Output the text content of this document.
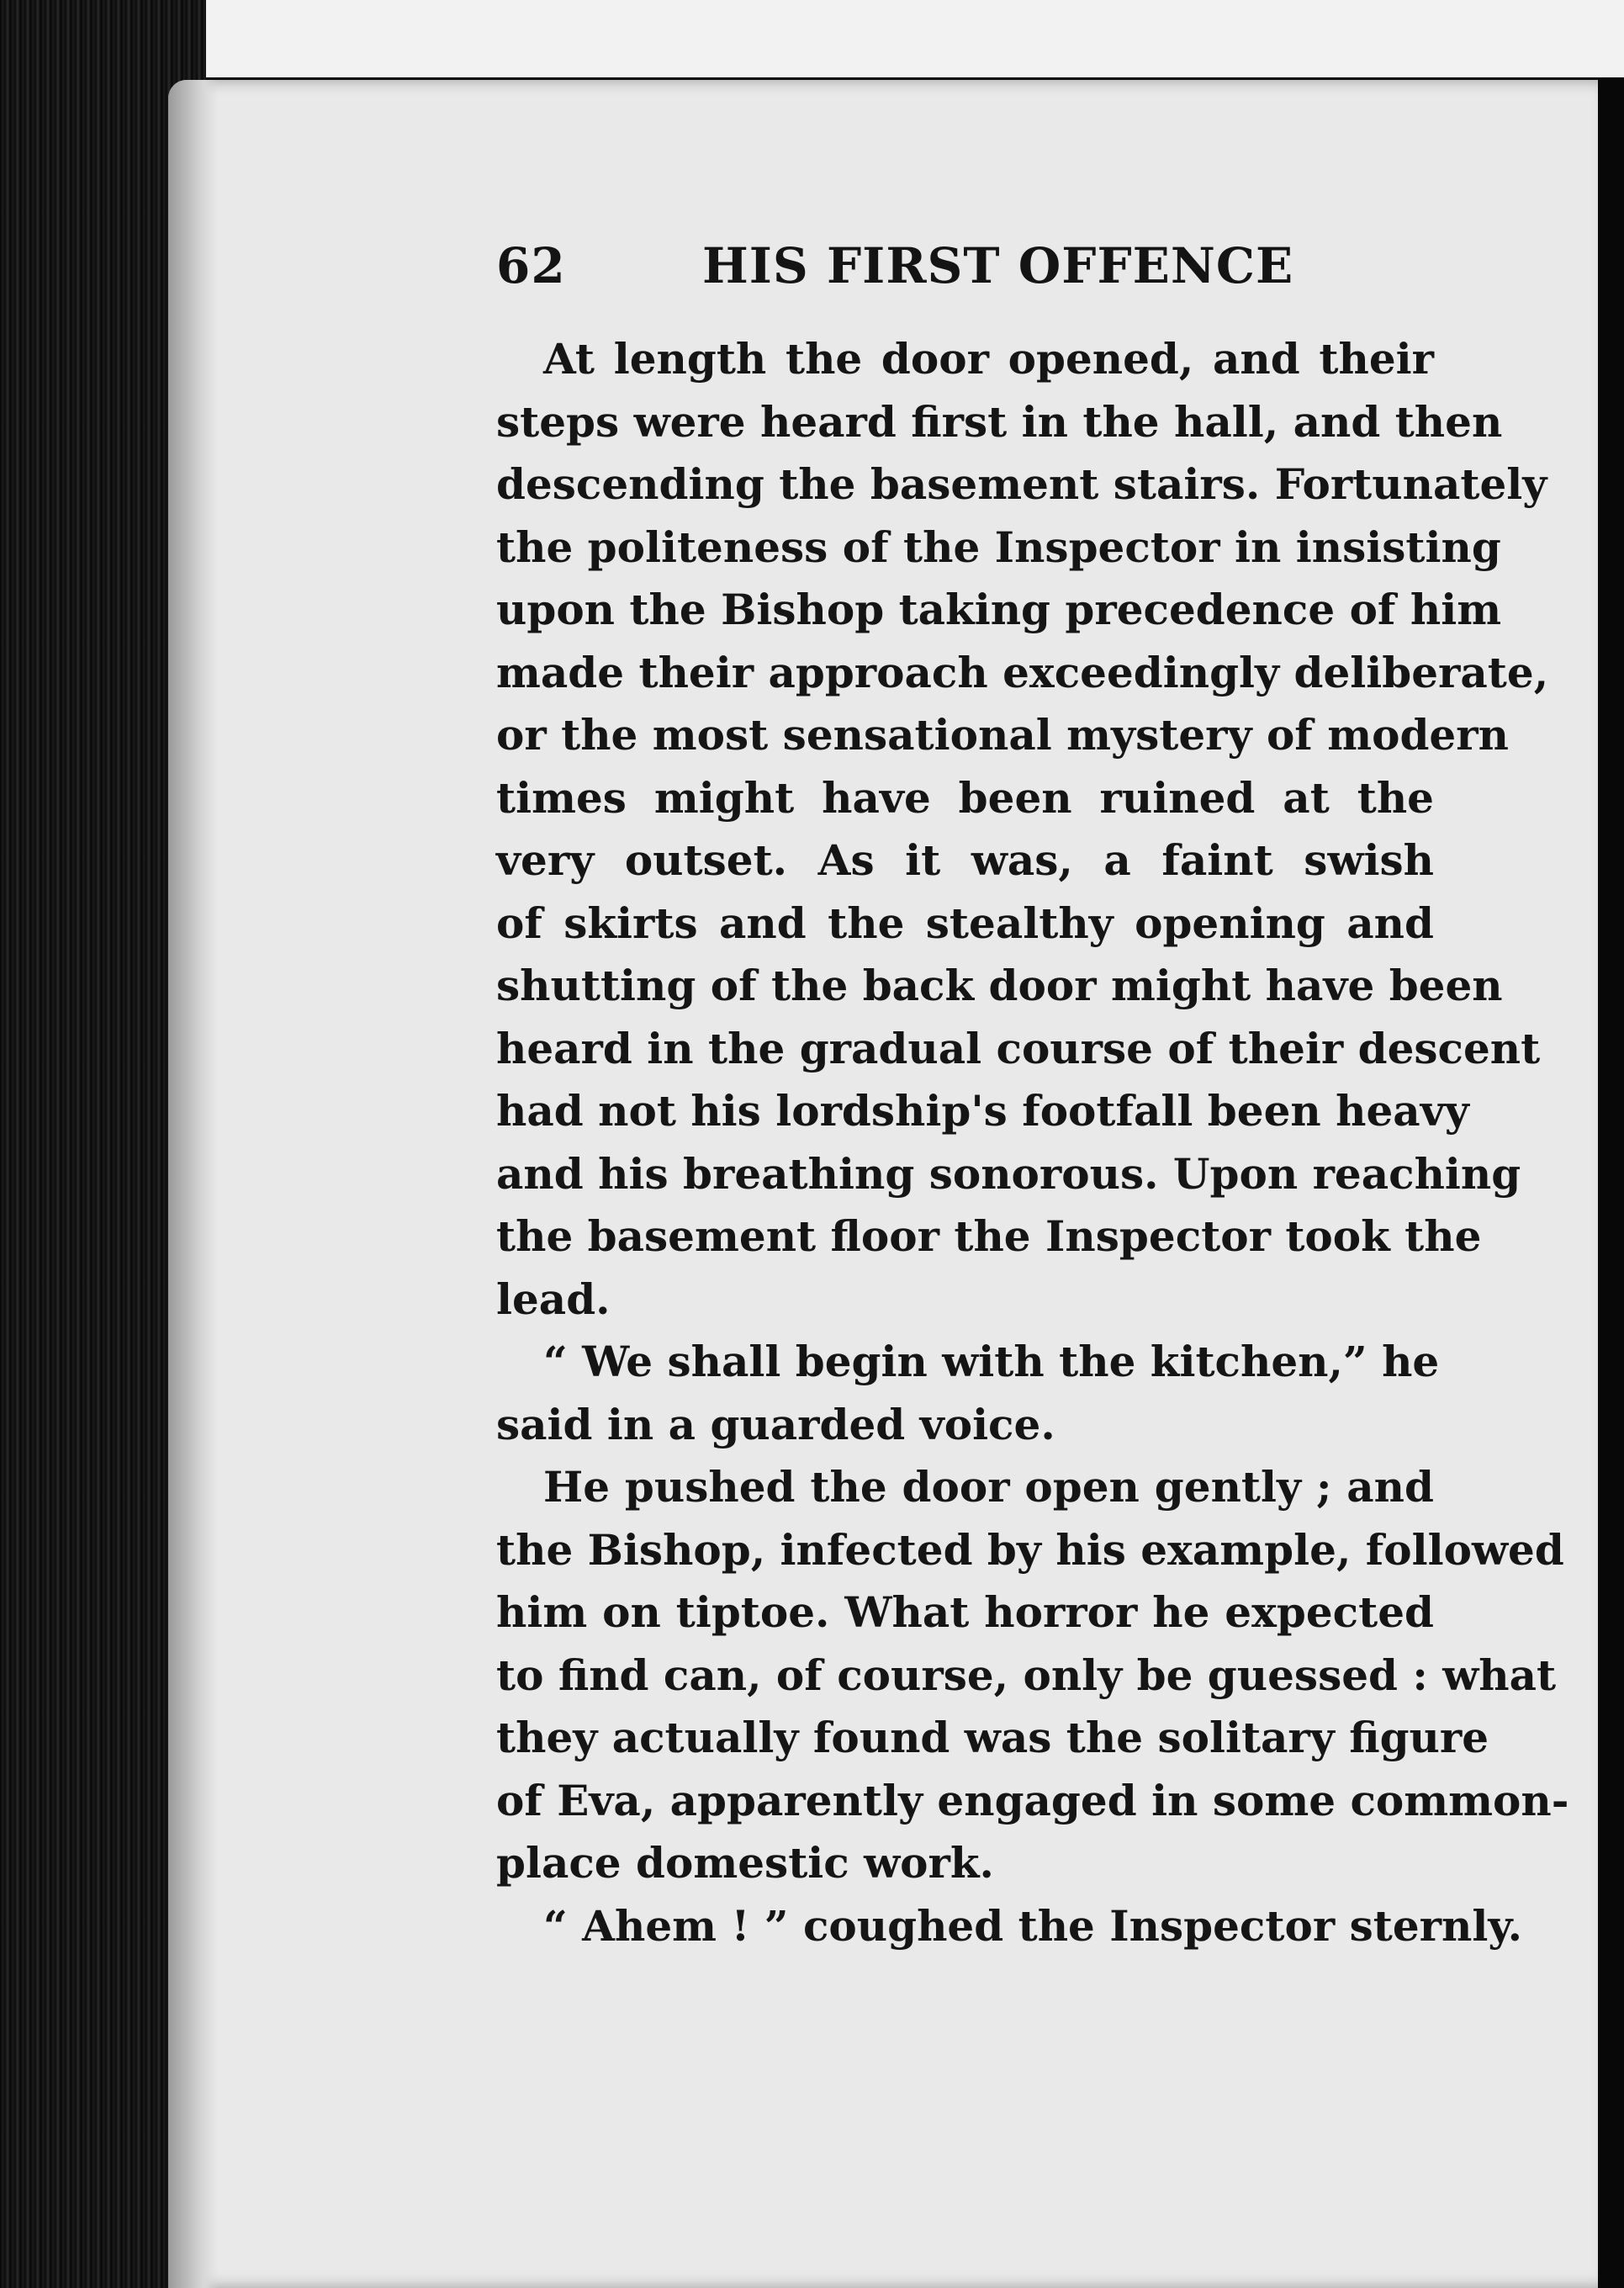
62	HIS FIRST OFFENCE
At length the door opened, and their
steps were heard first in the hall, and then
descending the basement stairs. Fortunately
the politeness of the Inspector in insisting
upon the Bishop taking precedence of him
made their approach exceedingly deliberate,
or the most sensational mystery of modern
times might have been ruined at the
very outset. As it was, a faint swish
of skirts and the stealthy opening and
shutting of the back door might have been
heard in the gradual course of their descent
had not his lordship's footfall been heavy
and his breathing sonorous. Upon reaching
the basement floor the Inspector took the
lead.
“ We shall begin with the kitchen,” he
said in a guarded voice.
He pushed the door open gently ; and
the Bishop, infected by his example, followed
him on tiptoe. What horror he expected
to find can, of course, only be guessed : what
they actually found was the solitary figure
of Eva, apparently engaged in some common-
place domestic work.
“ Ahem ! ” coughed the Inspector sternly.
